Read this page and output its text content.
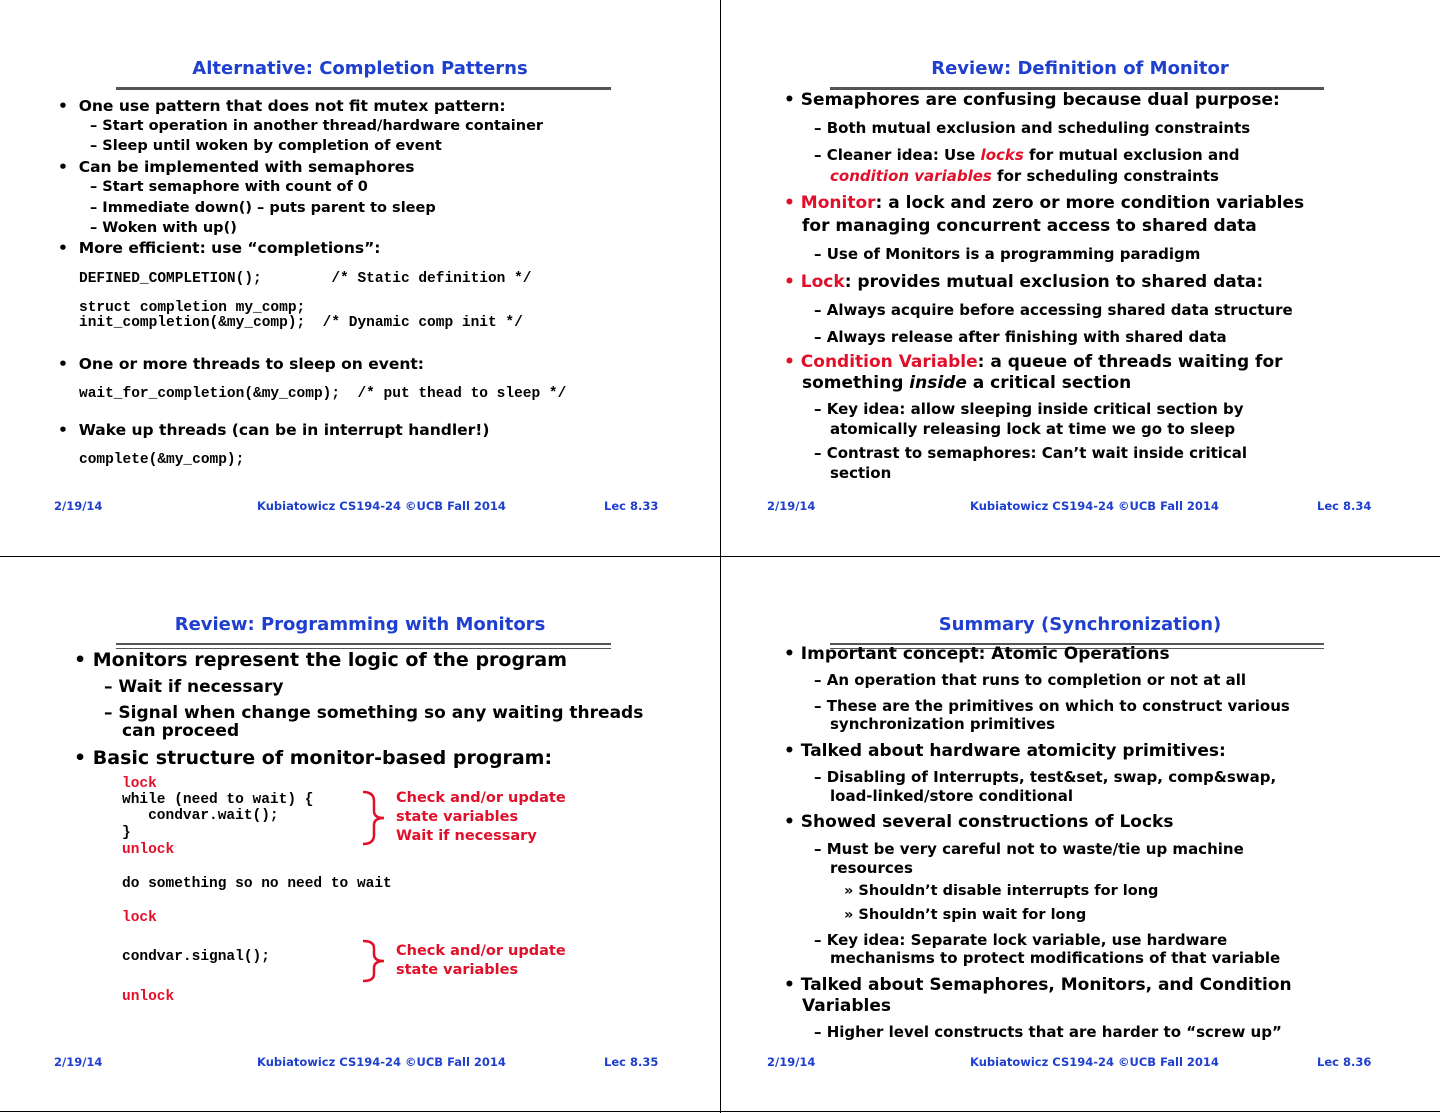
Alternative: Completion Patterns
•  One use pattern that does not fit mutex pattern:
– Start operation in another thread/hardware container
– Sleep until woken by completion of event
•  Can be implemented with semaphores
– Start semaphore with count of 0
– Immediate down() – puts parent to sleep
– Woken with up()
•  More efficient: use “completions”:
DEFINED_COMPLETION();        /* Static definition */
struct completion my_comp;
init_completion(&my_comp);  /* Dynamic comp init */
•  One or more threads to sleep on event:
wait_for_completion(&my_comp);  /* put thead to sleep */
•  Wake up threads (can be in interrupt handler!)
complete(&my_comp);
2/19/14	Kubiatowicz CS194-24 ©UCB Fall 2014	Lec 8.33
Review: Definition of Monitor
• Semaphores are confusing because dual purpose:
– Both mutual exclusion and scheduling constraints
– Cleaner idea: Use locks for mutual exclusion and
condition variables for scheduling constraints
• Monitor: a lock and zero or more condition variables
for managing concurrent access to shared data
– Use of Monitors is a programming paradigm
• Lock: provides mutual exclusion to shared data:
– Always acquire before accessing shared data structure
– Always release after finishing with shared data
• Condition Variable: a queue of threads waiting for
something inside a critical section
– Key idea: allow sleeping inside critical section by
atomically releasing lock at time we go to sleep
– Contrast to semaphores: Can’t wait inside critical
section
2/19/14	Kubiatowicz CS194-24 ©UCB Fall 2014	Lec 8.34
Review: Programming with Monitors
• Monitors represent the logic of the program
– Wait if necessary
– Signal when change something so any waiting threads
can proceed
• Basic structure of monitor-based program:
lock
while (need to wait) {
condvar.wait();
}
unlock
do something so no need to wait
lock
condvar.signal();
unlock
Check and/or update
state variables
Wait if necessary
Check and/or update
state variables
2/19/14	Kubiatowicz CS194-24 ©UCB Fall 2014	Lec 8.35
Summary (Synchronization)
• Important concept: Atomic Operations
– An operation that runs to completion or not at all
– These are the primitives on which to construct various
synchronization primitives
• Talked about hardware atomicity primitives:
– Disabling of Interrupts, test&set, swap, comp&swap,
load-linked/store conditional
• Showed several constructions of Locks
– Must be very careful not to waste/tie up machine
resources
» Shouldn’t disable interrupts for long
» Shouldn’t spin wait for long
– Key idea: Separate lock variable, use hardware
mechanisms to protect modifications of that variable
• Talked about Semaphores, Monitors, and Condition
Variables
– Higher level constructs that are harder to “screw up”
2/19/14	Kubiatowicz CS194-24 ©UCB Fall 2014	Lec 8.36
